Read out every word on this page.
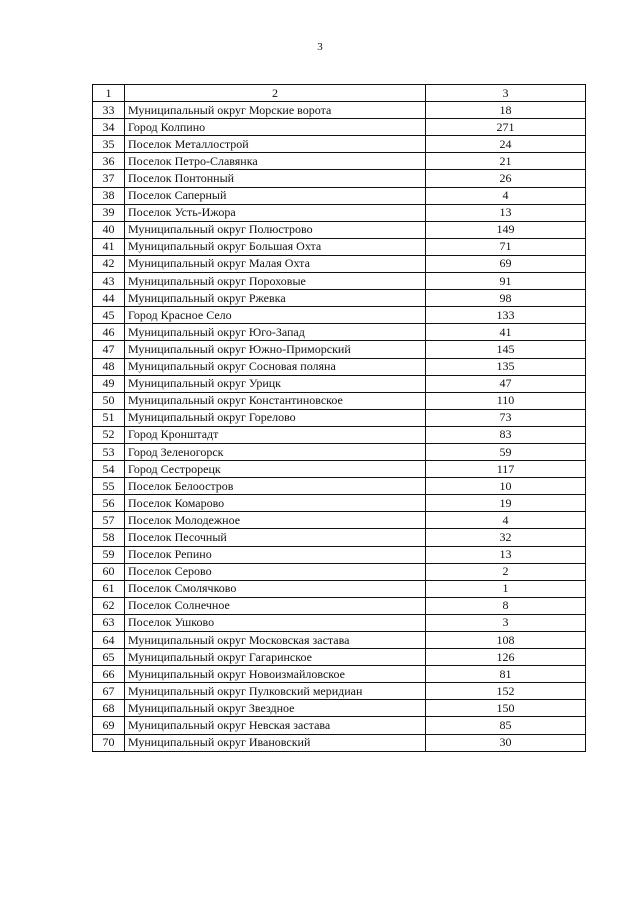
3
1	2	3
33	Муниципальный округ Морские ворота	18
34	Город Колпино	271
35	Поселок Металлострой	24
36	Поселок Петро-Славянка	21
37	Поселок Понтонный	26
38	Поселок Саперный	4
39	Поселок Усть-Ижора	13
40	Муниципальный округ Полюстрово	149
41	Муниципальный округ Большая Охта	71
42	Муниципальный округ Малая Охта	69
43	Муниципальный округ Пороховые	91
44	Муниципальный округ Ржевка	98
45	Город Красное Село	133
46	Муниципальный округ Юго-Запад	41
47	Муниципальный округ Южно-Приморский	145
48	Муниципальный округ Сосновая поляна	135
49	Муниципальный округ Урицк	47
50	Муниципальный округ Константиновское	110
51	Муниципальный округ Горелово	73
52	Город Кронштадт	83
53	Город Зеленогорск	59
54	Город Сестрорецк	117
55	Поселок Белоостров	10
56	Поселок Комарово	19
57	Поселок Молодежное	4
58	Поселок Песочный	32
59	Поселок Репино	13
60	Поселок Серово	2
61	Поселок Смолячково	1
62	Поселок Солнечное	8
63	Поселок Ушково	3
64	Муниципальный округ Московская застава	108
65	Муниципальный округ Гагаринское	126
66	Муниципальный округ Новоизмайловское	81
67	Муниципальный округ Пулковский меридиан	152
68	Муниципальный округ Звездное	150
69	Муниципальный округ Невская застава	85
70	Муниципальный округ Ивановский	30
